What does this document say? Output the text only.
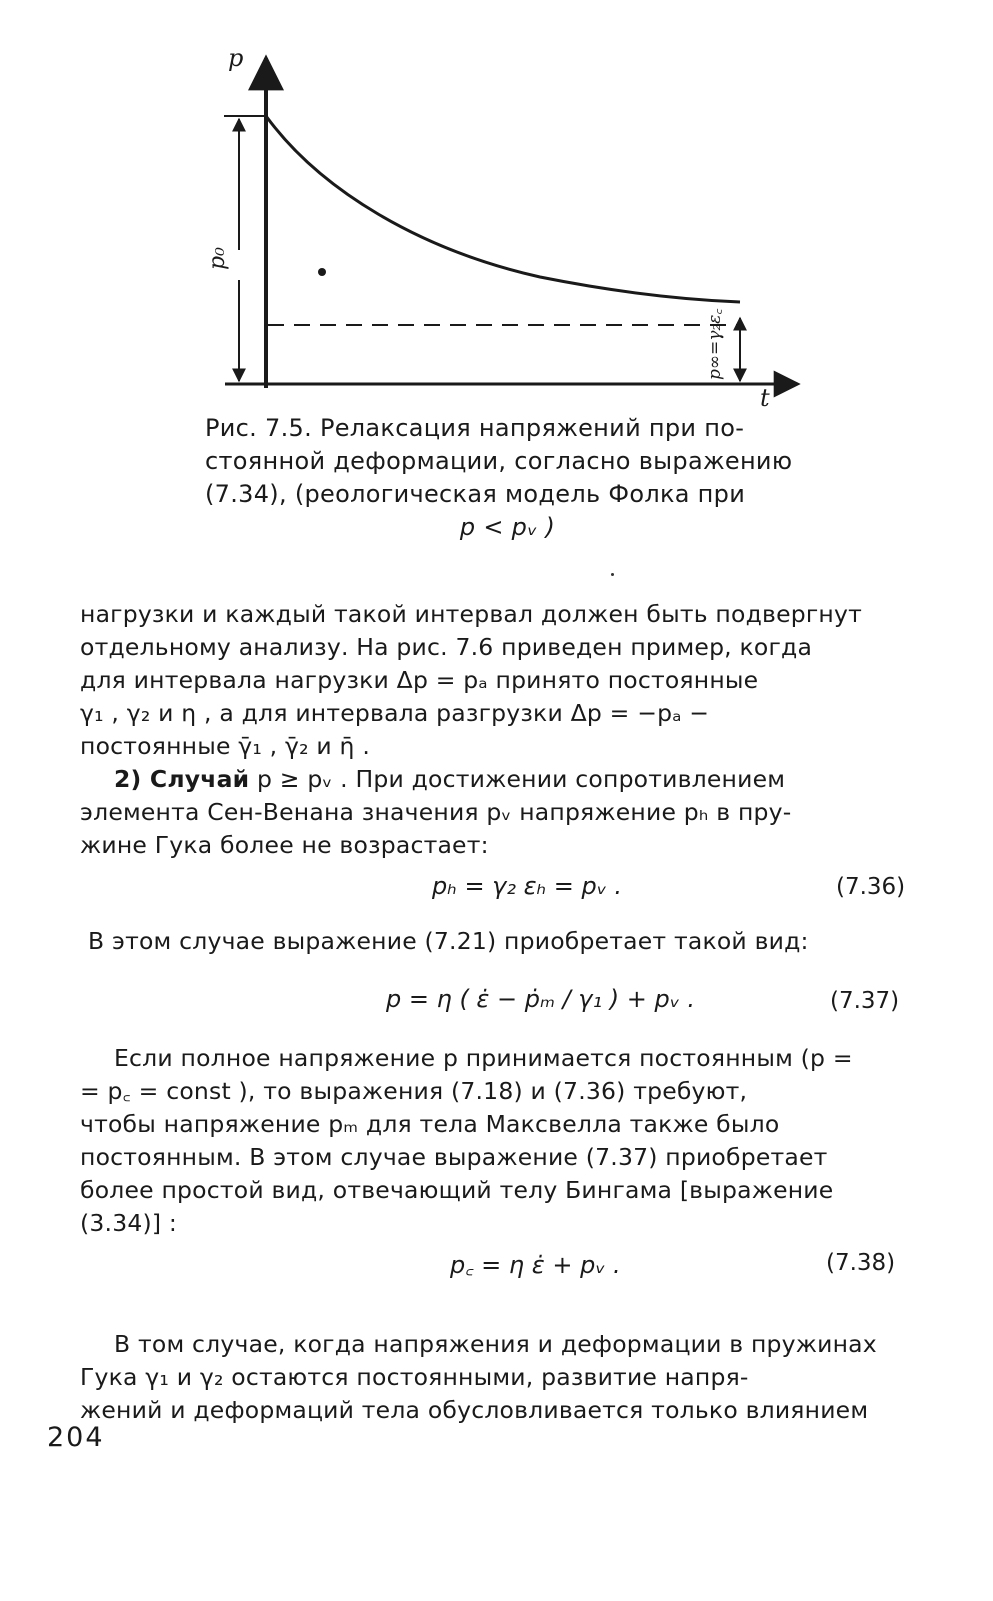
p
t
p₀
p∞=γ₂ε꜀
Рис. 7.5. Релаксация напряжений при по-
стоянной деформации, согласно выражению
(7.34), (реологическая модель Фолка при
p < pᵥ )

нагрузки и каждый такой интервал должен быть подвергнут

отдельному анализу. На рис. 7.6 приведен пример, когда

для интервала нагрузки Δp = pₐ принято постоянные

γ₁ , γ₂ и η , а для интервала разгрузки Δp = −pₐ −

постоянные γ̄₁ , γ̄₂ и η̄ .

2) Случай p ≥ pᵥ . При достижении сопротивлением

элемента Сен-Венана значения pᵥ напряжение pₕ в пру-

жине Гука более не возрастает:

pₕ = γ₂ εₕ = pᵥ .	(7.36)

В этом случае выражение (7.21) приобретает такой вид:

p = η ( ε̇ − ṗₘ / γ₁ ) + pᵥ .	(7.37)

Если полное напряжение p принимается постоянным (p =

= p꜀ = const ), то выражения (7.18) и (7.36) требуют,

чтобы напряжение pₘ для тела Максвелла также было

постоянным. В этом случае выражение (7.37) приобретает

более простой вид, отвечающий телу Бингама [выражение

(3.34)] :

p꜀ = η ε̇ + pᵥ .	(7.38)

В том случае, когда напряжения и деформации в пружинах

Гука γ₁ и γ₂ остаются постоянными, развитие напря-

жений и деформаций тела обусловливается только влиянием

204
